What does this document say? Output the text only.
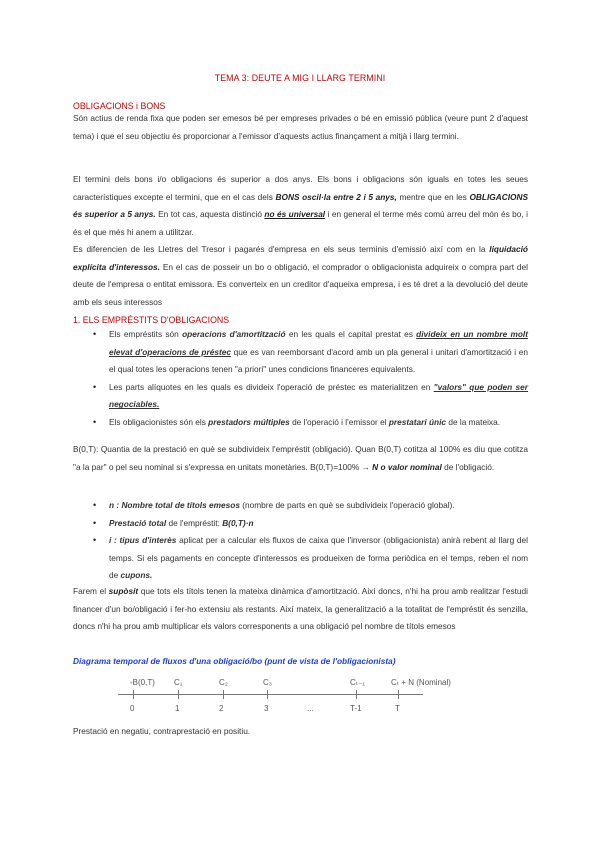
TEMA 3: DEUTE A MIG I LLARG TERMINI
OBLIGACIONS i BONS
Són actius de renda fixa que poden ser emesos bé per empreses privades o bé en emissió pública (veure punt 2 d'aquest tema) i que el seu objectiu és proporcionar a l'emissor d'aquests actius finançament a mitjà i llarg termini.
El termini dels bons i/o obligacions és superior a dos anys. Els bons i obligacions són iguals en totes les seues característiques excepte el termini, que en el cas dels BONS oscil·la entre 2 i 5 anys, mentre que en les OBLIGACIONS és superior a 5 anys. En tot cas, aquesta distinció no és universal i en general el terme més comú arreu del món és bo, i és el que més hi anem a utilitzar.
Es diferencien de les Lletres del Tresor i pagarés d'empresa en els seus terminis d'emissió així com en la liquidació explícita d'interessos. En el cas de posseir un bo o obligació, el comprador o obligacionista adquireix o compra part del deute de l'empresa o entitat emissora. Es converteix en un creditor d'aqueixa empresa, i es té dret a la devolució del deute amb els seus interessos
1. ELS EMPRÉSTITS D'OBLIGACIONS
• Els empréstits són operacions d'amortització en les quals el capital prestat es divideix en un nombre molt elevat d'operacions de préstec que es van reemborsant d'acord amb un pla general i unitari d'amortització i en el qual totes les operacions tenen "a priori" unes condicions financeres equivalents.
• Les parts alíquotes en les quals es divideix l'operació de préstec es materialitzen en "valors" que poden ser negociables.
• Els obligacionistes són els prestadors múltiples de l'operació i l'emissor el prestatari únic de la mateixa.
B(0,T): Quantia de la prestació en què se subdivideix l'empréstit (obligació). Quan B(0,T) cotitza al 100% es diu que cotitza "a la par" o pel seu nominal si s'expressa en unitats monetàries. B(0,T)=100% → N o valor nominal de l'obligació.
• n : Nombre total de títols emesos (nombre de parts en què se subdivideix l'operació global).
• Prestació total de l'empréstit: B(0,T)·n
• i : tipus d'interès aplicat per a calcular els fluxos de caixa que l'inversor (obligacionista) anirà rebent al llarg del temps. Si els pagaments en concepte d'interessos es produeixen de forma periòdica en el temps, reben el nom de cupons.
Farem el supòsit que tots els títols tenen la mateixa dinàmica d'amortització. Així doncs, n'hi ha prou amb realitzar l'estudi financer d'un bo/obligació i fer-ho extensiu als restants. Així mateix, la generalització a la totalitat de l'empréstit és senzilla, doncs n'hi ha prou amb multiplicar els valors corresponents a una obligació pel nombre de títols emesos
Diagrama temporal de fluxos d'una obligació/bo (punt de vista de l'obligacionista)
-B(0,T) C₁	C₂	C₃	Cₜ₋₁	Cₜ + N (Nominal)
0	1	2	3	...	T-1	T
Prestació en negatiu, contraprestació en positiu.
